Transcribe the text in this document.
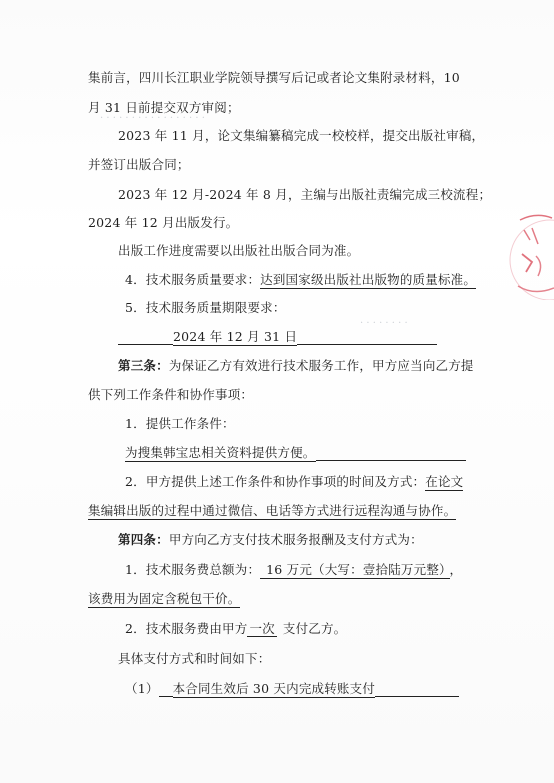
· · · · · · · · · · · · · · · · ·
· · · · · · · ·
集前言，四川长江职业学院领导撰写后记或者论文集附录材料，10
月 31 日前提交双方审阅；
2023 年 11 月，论文集编纂稿完成一校校样，提交出版社审稿，
并签订出版合同；
2023 年 12 月-2024 年 8 月，主编与出版社责编完成三校流程；
2024 年 12 月出版发行。
出版工作进度需要以出版社出版合同为准。
4．技术服务质量要求：达到国家级出版社出版物的质量标准。
5．技术服务质量期限要求：
2024 年 12 月 31 日
第三条：为保证乙方有效进行技术服务工作，甲方应当向乙方提
供下列工作条件和协作事项：
1．提供工作条件：
为搜集韩宝忠相关资料提供方便。
2．甲方提供上述工作条件和协作事项的时间及方式：在论文
集编辑出版的过程中通过微信、电话等方式进行远程沟通与协作。
第四条：甲方向乙方支付技术服务报酬及支付方式为：
1．技术服务费总额为： 16 万元（大写：壹拾陆万元整） ，
该费用为固定含税包干价。
2．技术服务费由甲方 一次 支付乙方。
具体支付方式和时间如下：
（1） 本合同生效后 30 天内完成转账支付
